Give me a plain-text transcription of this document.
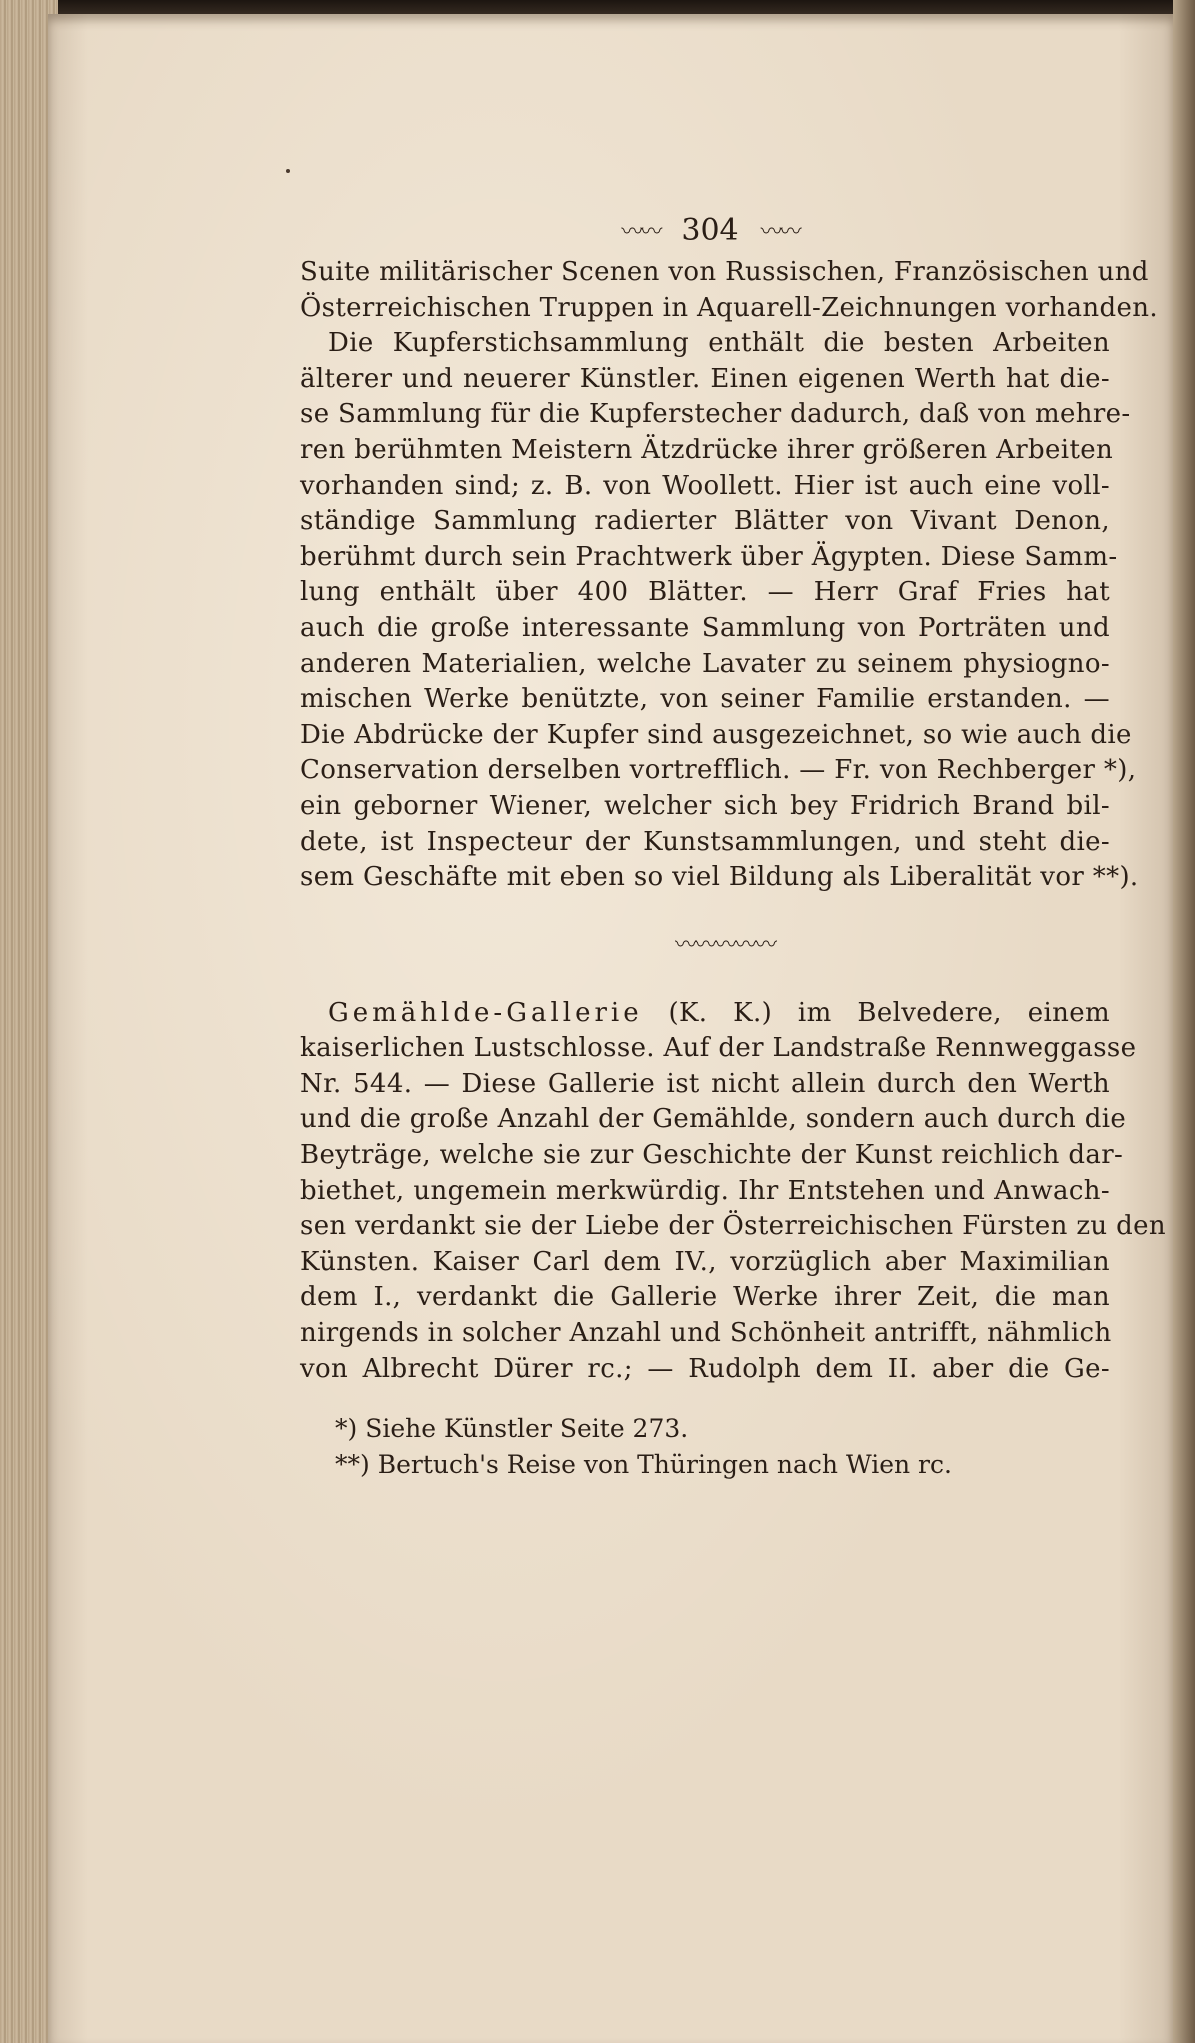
〰〰 304 〰〰
Suite militärischer Scenen von Russischen, Französischen und
Österreichischen Truppen in Aquarell-Zeichnungen vorhanden.
Die Kupferstichsammlung enthält die besten Arbeiten
älterer und neuerer Künstler. Einen eigenen Werth hat die-
se Sammlung für die Kupferstecher dadurch, daß von mehre-
ren berühmten Meistern Ätzdrücke ihrer größeren Arbeiten
vorhanden sind; z. B. von Woollett. Hier ist auch eine voll-
ständige Sammlung radierter Blätter von Vivant Denon,
berühmt durch sein Prachtwerk über Ägypten. Diese Samm-
lung enthält über 400 Blätter. — Herr Graf Fries hat
auch die große interessante Sammlung von Porträten und
anderen Materialien, welche Lavater zu seinem physiogno-
mischen Werke benützte, von seiner Familie erstanden. —
Die Abdrücke der Kupfer sind ausgezeichnet, so wie auch die
Conservation derselben vortrefflich. — Fr. von Rechberger *),
ein geborner Wiener, welcher sich bey Fridrich Brand bil-
dete, ist Inspecteur der Kunstsammlungen, und steht die-
sem Geschäfte mit eben so viel Bildung als Liberalität vor **).
〰〰〰〰〰
Gemählde-Gallerie (K. K.) im Belvedere, einem
kaiserlichen Lustschlosse. Auf der Landstraße Rennweggasse
Nr. 544. — Diese Gallerie ist nicht allein durch den Werth
und die große Anzahl der Gemählde, sondern auch durch die
Beyträge, welche sie zur Geschichte der Kunst reichlich dar-
biethet, ungemein merkwürdig. Ihr Entstehen und Anwach-
sen verdankt sie der Liebe der Österreichischen Fürsten zu den
Künsten. Kaiser Carl dem IV., vorzüglich aber Maximilian
dem I., verdankt die Gallerie Werke ihrer Zeit, die man
nirgends in solcher Anzahl und Schönheit antrifft, nähmlich
von Albrecht Dürer rc.; — Rudolph dem II. aber die Ge-
*) Siehe Künstler Seite 273.
**) Bertuch's Reise von Thüringen nach Wien rc.
